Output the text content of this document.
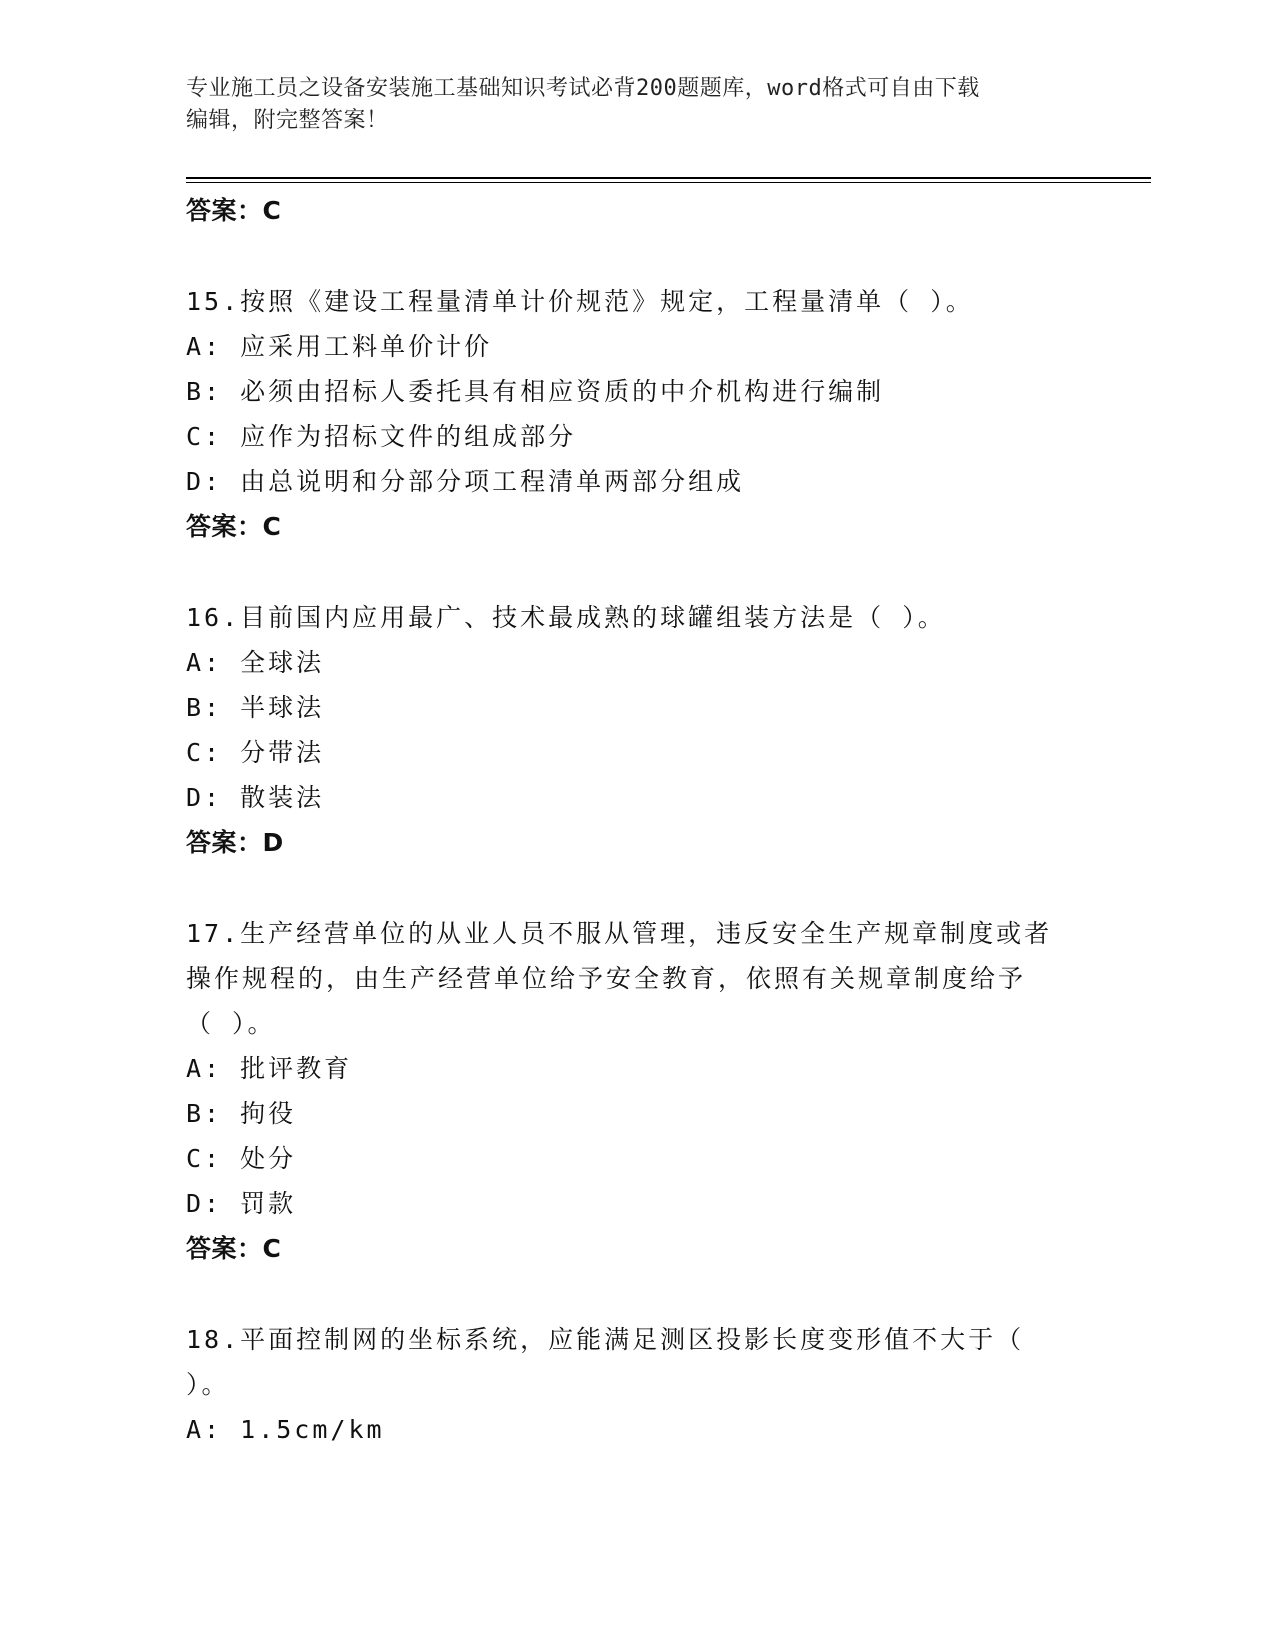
专业施工员之设备安装施工基础知识考试必背200题题库，word格式可自由下载
编辑，附完整答案！
答案：C
15.按照《建设工程量清单计价规范》规定，工程量清单（ ）。
A: 应采用工料单价计价
B: 必须由招标人委托具有相应资质的中介机构进行编制
C: 应作为招标文件的组成部分
D: 由总说明和分部分项工程清单两部分组成
答案：C
16.目前国内应用最广、技术最成熟的球罐组装方法是（ ）。
A: 全球法
B: 半球法
C: 分带法
D: 散装法
答案：D
17.生产经营单位的从业人员不服从管理，违反安全生产规章制度或者
操作规程的，由生产经营单位给予安全教育，依照有关规章制度给予
（ ）。
A: 批评教育
B: 拘役
C: 处分
D: 罚款
答案：C
18.平面控制网的坐标系统，应能满足测区投影长度变形值不大于（
）。
A: 1.5cm/km
